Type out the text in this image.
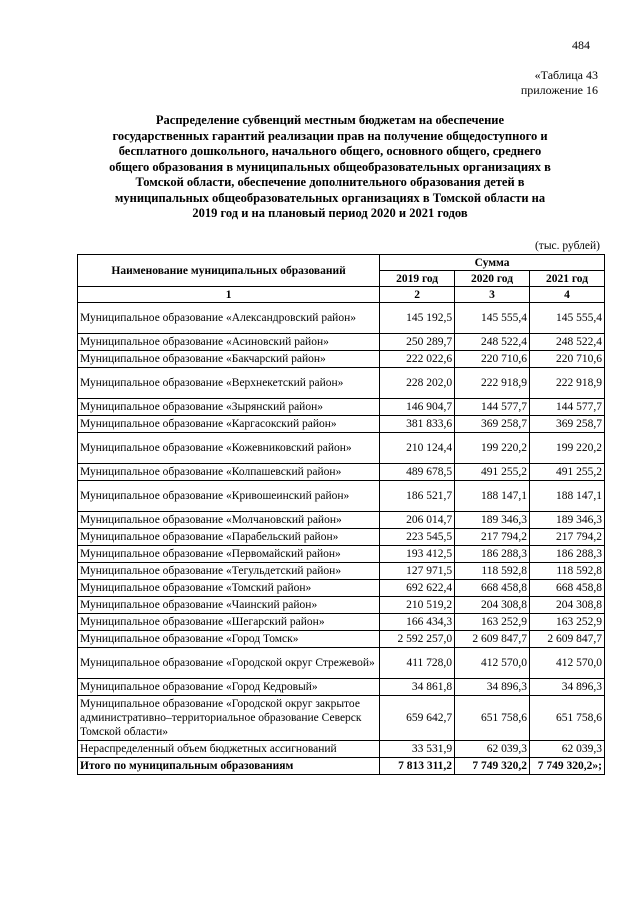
484
«Таблица 43
приложение 16
Распределение субвенций местным бюджетам на обеспечение
государственных гарантий реализации прав на получение общедоступного и
бесплатного дошкольного, начального общего, основного общего, среднего
общего образования в муниципальных общеобразовательных организациях в
Томской области, обеспечение дополнительного образования детей в
муниципальных общеобразовательных организациях в Томской области на
2019 год и на плановый период 2020 и 2021 годов
(тыс. рублей)
Наименование муниципальных образований	Сумма		
	2019 год	2020 год	2021 год
1	2	3	4
Муниципальное образование «Александровский район»	145 192,5	145 555,4	145 555,4
Муниципальное образование «Асиновский район»	250 289,7	248 522,4	248 522,4
Муниципальное образование «Бакчарский район»	222 022,6	220 710,6	220 710,6
Муниципальное образование «Верхнекетский район»	228 202,0	222 918,9	222 918,9
Муниципальное образование «Зырянский район»	146 904,7	144 577,7	144 577,7
Муниципальное образование «Каргасокский район»	381 833,6	369 258,7	369 258,7
Муниципальное образование «Кожевниковский район»	210 124,4	199 220,2	199 220,2
Муниципальное образование «Колпашевский район»	489 678,5	491 255,2	491 255,2
Муниципальное образование «Кривошеинский район»	186 521,7	188 147,1	188 147,1
Муниципальное образование «Молчановский район»	206 014,7	189 346,3	189 346,3
Муниципальное образование «Парабельский район»	223 545,5	217 794,2	217 794,2
Муниципальное образование «Первомайский район»	193 412,5	186 288,3	186 288,3
Муниципальное образование «Тегульдетский район»	127 971,5	118 592,8	118 592,8
Муниципальное образование «Томский район»	692 622,4	668 458,8	668 458,8
Муниципальное образование «Чаинский район»	210 519,2	204 308,8	204 308,8
Муниципальное образование «Шегарский район»	166 434,3	163 252,9	163 252,9
Муниципальное образование «Город Томск»	2 592 257,0	2 609 847,7	2 609 847,7
Муниципальное образование «Городской округ Стрежевой»	411 728,0	412 570,0	412 570,0
Муниципальное образование «Город Кедровый»	34 861,8	34 896,3	34 896,3
Муниципальное образование «Городской округ закрытое административно–территориальное образование Северск Томской области»	659 642,7	651 758,6	651 758,6
Нераспределенный объем бюджетных ассигнований	33 531,9	62 039,3	62 039,3
Итого по муниципальным образованиям	7 813 311,2	7 749 320,2	7 749 320,2»;
